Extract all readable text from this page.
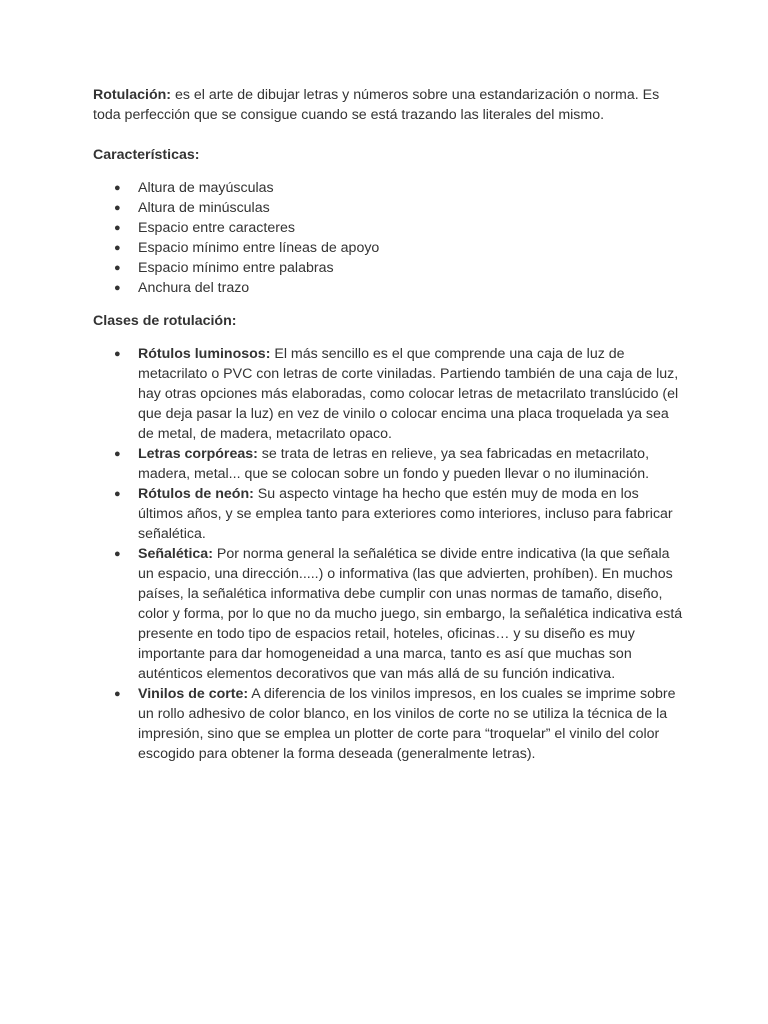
Rotulación: es el arte de dibujar letras y números sobre una estandarización o norma. Es toda perfección que se consigue cuando se está trazando las literales del mismo.

Características:

● Altura de mayúsculas
● Altura de minúsculas
● Espacio entre caracteres
● Espacio mínimo entre líneas de apoyo
● Espacio mínimo entre palabras
● Anchura del trazo

Clases de rotulación:

● Rótulos luminosos: El más sencillo es el que comprende una caja de luz de metacrilato o PVC con letras de corte viniladas. Partiendo también de una caja de luz, hay otras opciones más elaboradas, como colocar letras de metacrilato translúcido (el que deja pasar la luz) en vez de vinilo o colocar encima una placa troquelada ya sea de metal, de madera, metacrilato opaco.
● Letras corpóreas: se trata de letras en relieve, ya sea fabricadas en metacrilato, madera, metal... que se colocan sobre un fondo y pueden llevar o no iluminación.
● Rótulos de neón: Su aspecto vintage ha hecho que estén muy de moda en los últimos años, y se emplea tanto para exteriores como interiores, incluso para fabricar señalética.
● Señalética: Por norma general la señalética se divide entre indicativa (la que señala un espacio, una dirección.....) o informativa (las que advierten, prohíben). En muchos países, la señalética informativa debe cumplir con unas normas de tamaño, diseño, color y forma, por lo que no da mucho juego, sin embargo, la señalética indicativa está presente en todo tipo de espacios retail, hoteles, oficinas… y su diseño es muy importante para dar homogeneidad a una marca, tanto es así que muchas son auténticos elementos decorativos que van más allá de su función indicativa.
● Vinilos de corte: A diferencia de los vinilos impresos, en los cuales se imprime sobre un rollo adhesivo de color blanco, en los vinilos de corte no se utiliza la técnica de la impresión, sino que se emplea un plotter de corte para “troquelar” el vinilo del color escogido para obtener la forma deseada (generalmente letras).
